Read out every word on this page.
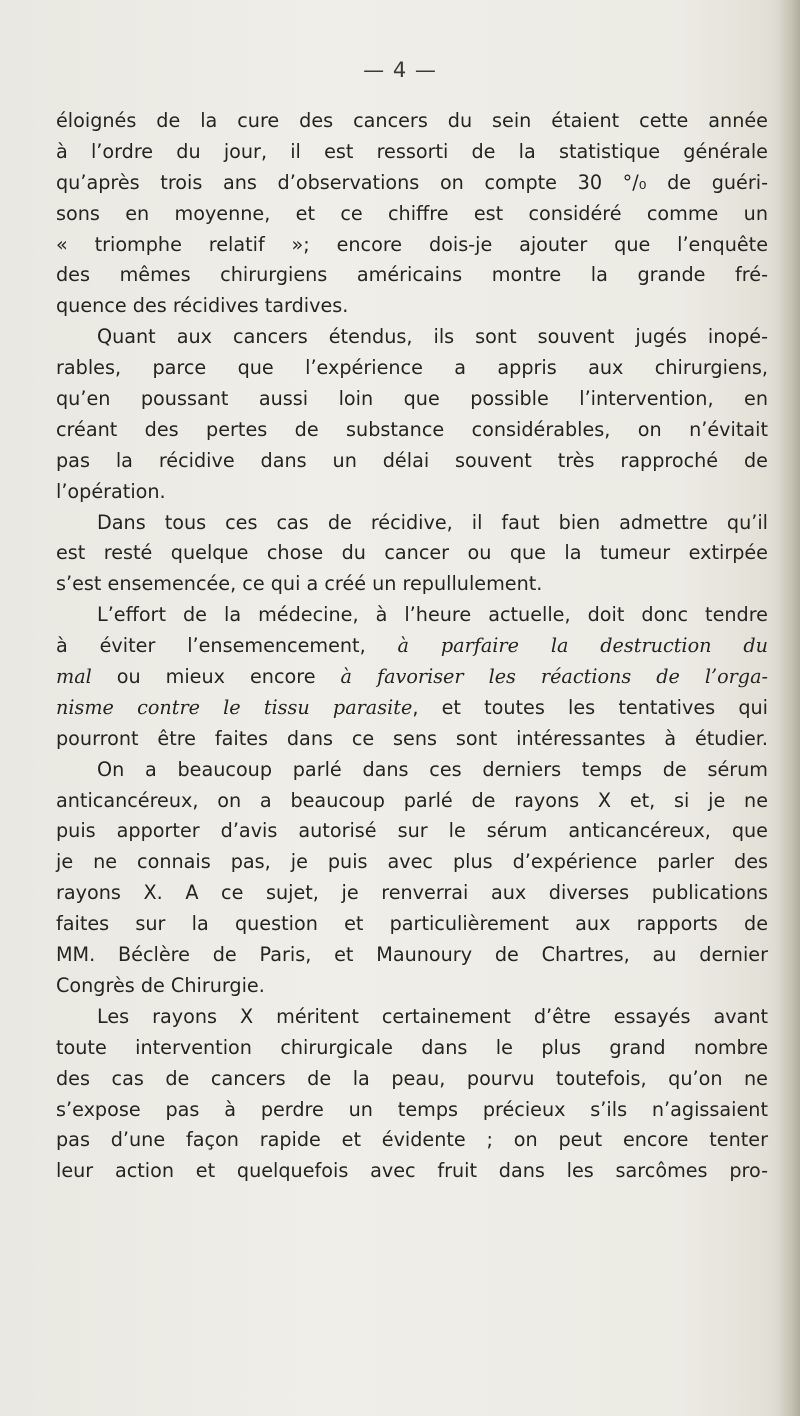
— 4 —
éloignés de la cure des cancers du sein étaient cette année
à l’ordre du jour, il est ressorti de la statistique générale
qu’après trois ans d’observations on compte 30 °/₀ de guéri-
sons en moyenne, et ce chiffre est considéré comme un
« triomphe relatif »; encore dois-je ajouter que l’enquête
des mêmes chirurgiens américains montre la grande fré-
quence des récidives tardives.
Quant aux cancers étendus, ils sont souvent jugés inopé-
rables, parce que l’expérience a appris aux chirurgiens,
qu’en poussant aussi loin que possible l’intervention, en
créant des pertes de substance considérables, on n’évitait
pas la récidive dans un délai souvent très rapproché de
l’opération.
Dans tous ces cas de récidive, il faut bien admettre qu’il
est resté quelque chose du cancer ou que la tumeur extirpée
s’est ensemencée, ce qui a créé un repullulement.
L’effort de la médecine, à l’heure actuelle, doit donc tendre
à éviter l’ensemencement, à parfaire la destruction du
mal ou mieux encore à favoriser les réactions de l’orga-
nisme contre le tissu parasite, et toutes les tentatives qui
pourront être faites dans ce sens sont intéressantes à étudier.
On a beaucoup parlé dans ces derniers temps de sérum
anticancéreux, on a beaucoup parlé de rayons X et, si je ne
puis apporter d’avis autorisé sur le sérum anticancéreux, que
je ne connais pas, je puis avec plus d’expérience parler des
rayons X. A ce sujet, je renverrai aux diverses publications
faites sur la question et particulièrement aux rapports de
MM. Béclère de Paris, et Maunoury de Chartres, au dernier
Congrès de Chirurgie.
Les rayons X méritent certainement d’être essayés avant
toute intervention chirurgicale dans le plus grand nombre
des cas de cancers de la peau, pourvu toutefois, qu’on ne
s’expose pas à perdre un temps précieux s’ils n’agissaient
pas d’une façon rapide et évidente ; on peut encore tenter
leur action et quelquefois avec fruit dans les sarcômes pro-
